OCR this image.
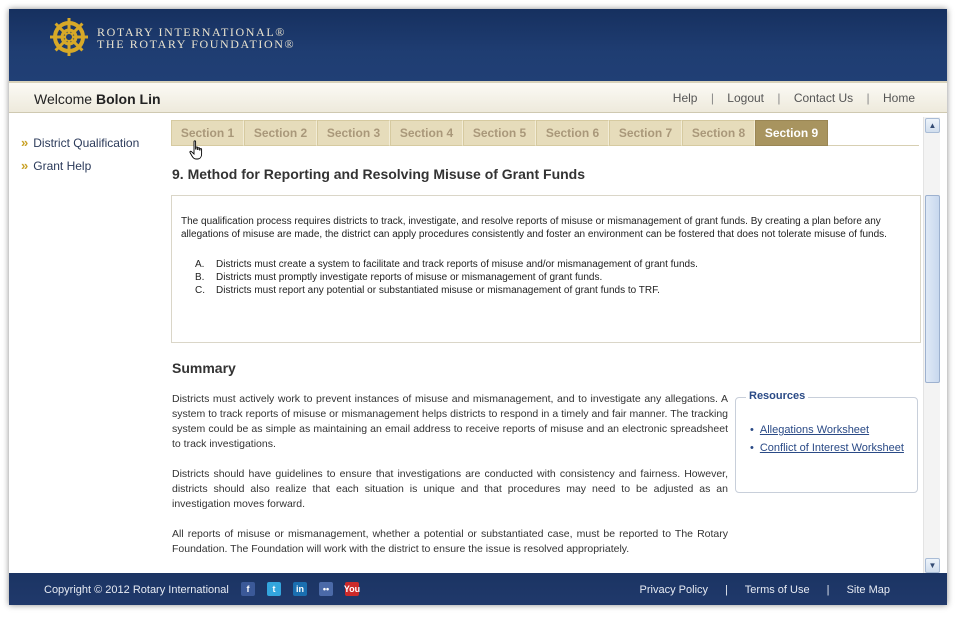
ROTARY INTERNATIONAL®
THE ROTARY FOUNDATION®
Welcome Bolon Lin	Help | Logout | Contact Us | Home
» District Qualification
» Grant Help
Section 1	Section 2	Section 3	Section 4	Section 5	Section 6	Section 7	Section 8	Section 9
9. Method for Reporting and Resolving Misuse of Grant Funds

The qualification process requires districts to track, investigate, and resolve reports of misuse or mismanagement of grant funds. By creating a plan before any allegations of misuse are made, the district can apply procedures consistently and foster an environment can be fostered that does not tolerate misuse of funds.

A.	Districts must create a system to facilitate and track reports of misuse and/or mismanagement of grant funds.
B.	Districts must promptly investigate reports of misuse or mismanagement of grant funds.
C.	Districts must report any potential or substantiated misuse or mismanagement of grant funds to TRF.
Summary

Districts must actively work to prevent instances of misuse and mismanagement, and to investigate any allegations. A system to track reports of misuse or mismanagement helps districts to respond in a timely and fair manner. The tracking system could be as simple as maintaining an email address to receive reports of misuse and an electronic spreadsheet to track investigations.

Districts should have guidelines to ensure that investigations are conducted with consistency and fairness. However, districts should also realize that each situation is unique and that procedures may need to be adjusted as an investigation moves forward.

All reports of misuse or mismanagement, whether a potential or substantiated case, must be reported to The Rotary Foundation. The Foundation will work with the district to ensure the issue is resolved appropriately.

Resources
• Allegations Worksheet
• Conflict of Interest Worksheet
▲
▼
Copyright © 2012 Rotary International	f	t	in	••	You	Privacy Policy | Terms of Use | Site Map
